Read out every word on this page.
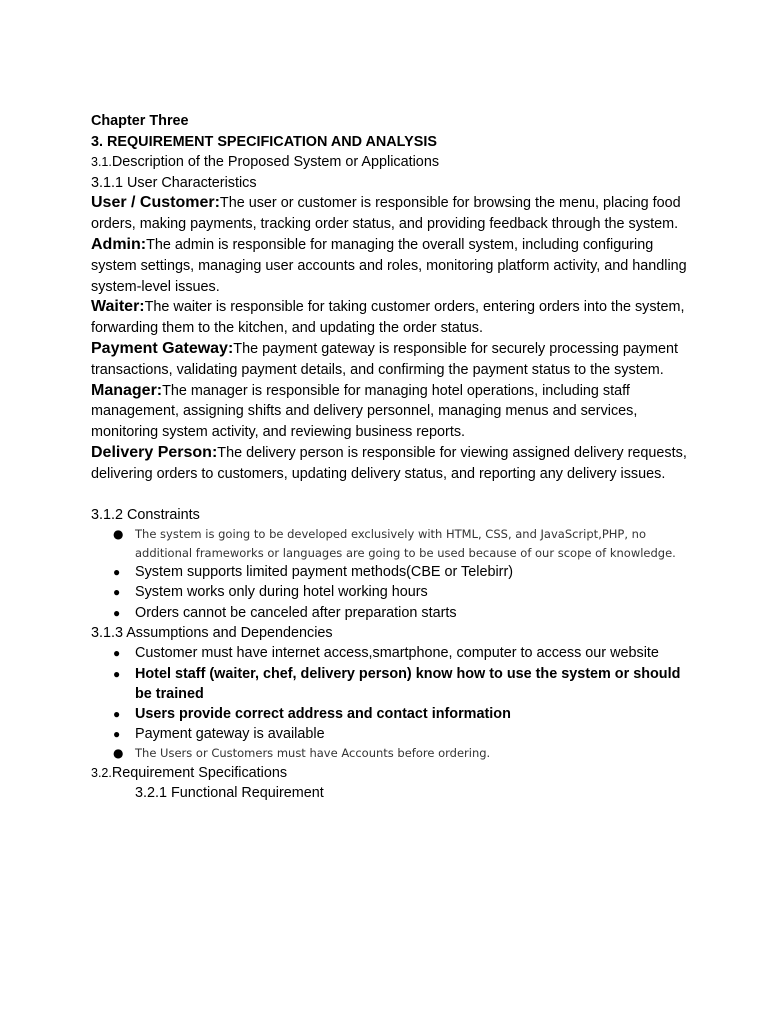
Chapter Three

3. REQUIREMENT SPECIFICATION AND ANALYSIS

3.1.Description of the Proposed System or Applications

3.1.1 User Characteristics

User / Customer:The user or customer is responsible for browsing the menu, placing food orders, making payments, tracking order status, and providing feedback through the system.

Admin:The admin is responsible for managing the overall system, including configuring system settings, managing user accounts and roles, monitoring platform activity, and handling system-level issues.

Waiter:The waiter is responsible for taking customer orders, entering orders into the system, forwarding them to the kitchen, and updating the order status.

Payment Gateway:The payment gateway is responsible for securely processing payment transactions, validating payment details, and confirming the payment status to the system.

Manager:The manager is responsible for managing hotel operations, including staff management, assigning shifts and delivery personnel, managing menus and services, monitoring system activity, and reviewing business reports.

Delivery Person:The delivery person is responsible for viewing assigned delivery requests, delivering orders to customers, updating delivery status, and reporting any delivery issues.

3.1.2 Constraints

● The system is going to be developed exclusively with HTML, CSS, and JavaScript,PHP, no additional frameworks or languages are going to be used because of our scope of knowledge.
● System supports limited payment methods(CBE or Telebirr)
● System works only during hotel working hours
● Orders cannot be canceled after preparation starts

3.1.3 Assumptions and Dependencies

● Customer must have internet access,smartphone, computer to access our website
● Hotel staff (waiter, chef, delivery person) know how to use the system or should be trained
● Users provide correct address and contact information
● Payment gateway is available
● The Users or Customers must have Accounts before ordering.

3.2.Requirement Specifications

3.2.1 Functional Requirement
